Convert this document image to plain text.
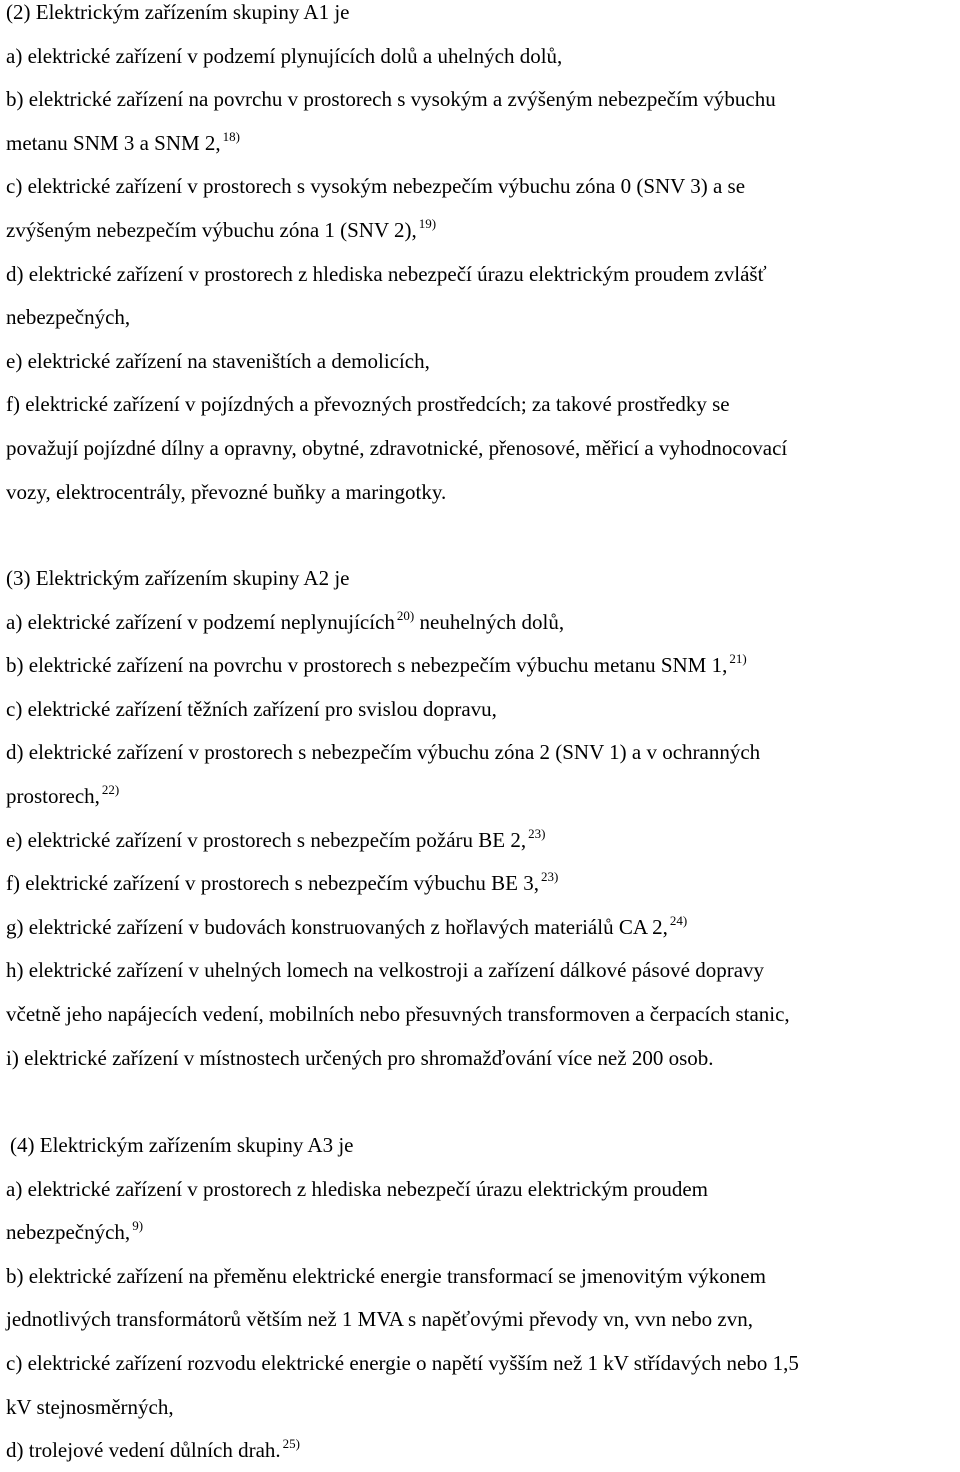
(2) Elektrickým zařízením skupiny A1 je
a) elektrické zařízení v podzemí plynujících dolů a uhelných dolů,
b) elektrické zařízení na povrchu v prostorech s vysokým a zvýšeným nebezpečím výbuchu
metanu SNM 3 a SNM 2, $^{18)}$
c) elektrické zařízení v prostorech s vysokým nebezpečím výbuchu zóna 0 (SNV 3) a se
zvýšeným nebezpečím výbuchu zóna 1 (SNV 2), $^{19)}$
d) elektrické zařízení v prostorech z hlediska nebezpečí úrazu elektrickým proudem zvlášť
nebezpečných,
e) elektrické zařízení na staveništích a demolicích,
f) elektrické zařízení v pojízdných a převozných prostředcích; za takové prostředky se
považují pojízdné dílny a opravny, obytné, zdravotnické, přenosové, měřicí a vyhodnocovací
vozy, elektrocentrály, převozné buňky a maringotky.
(3) Elektrickým zařízením skupiny A2 je
a) elektrické zařízení v podzemí neplynujících $^{20)}$ neuhelných dolů,
b) elektrické zařízení na povrchu v prostorech s nebezpečím výbuchu metanu SNM 1, $^{21)}$
c) elektrické zařízení těžních zařízení pro svislou dopravu,
d) elektrické zařízení v prostorech s nebezpečím výbuchu zóna 2 (SNV 1) a v ochranných
prostorech, $^{22)}$
e) elektrické zařízení v prostorech s nebezpečím požáru BE 2, $^{23)}$
f) elektrické zařízení v prostorech s nebezpečím výbuchu BE 3, $^{23)}$
g) elektrické zařízení v budovách konstruovaných z hořlavých materiálů CA 2, $^{24)}$
h) elektrické zařízení v uhelných lomech na velkostroji a zařízení dálkové pásové dopravy
včetně jeho napájecích vedení, mobilních nebo přesuvných transformoven a čerpacích stanic,
i) elektrické zařízení v místnostech určených pro shromažďování více než 200 osob.
(4) Elektrickým zařízením skupiny A3 je
a) elektrické zařízení v prostorech z hlediska nebezpečí úrazu elektrickým proudem
nebezpečných, $^{9)}$
b) elektrické zařízení na přeměnu elektrické energie transformací se jmenovitým výkonem
jednotlivých transformátorů větším než 1 MVA s napěťovými převody vn, vvn nebo zvn,
c) elektrické zařízení rozvodu elektrické energie o napětí vyšším než 1 kV střídavých nebo 1,5
kV stejnosměrných,
d) trolejové vedení důlních drah. $^{25)}$
